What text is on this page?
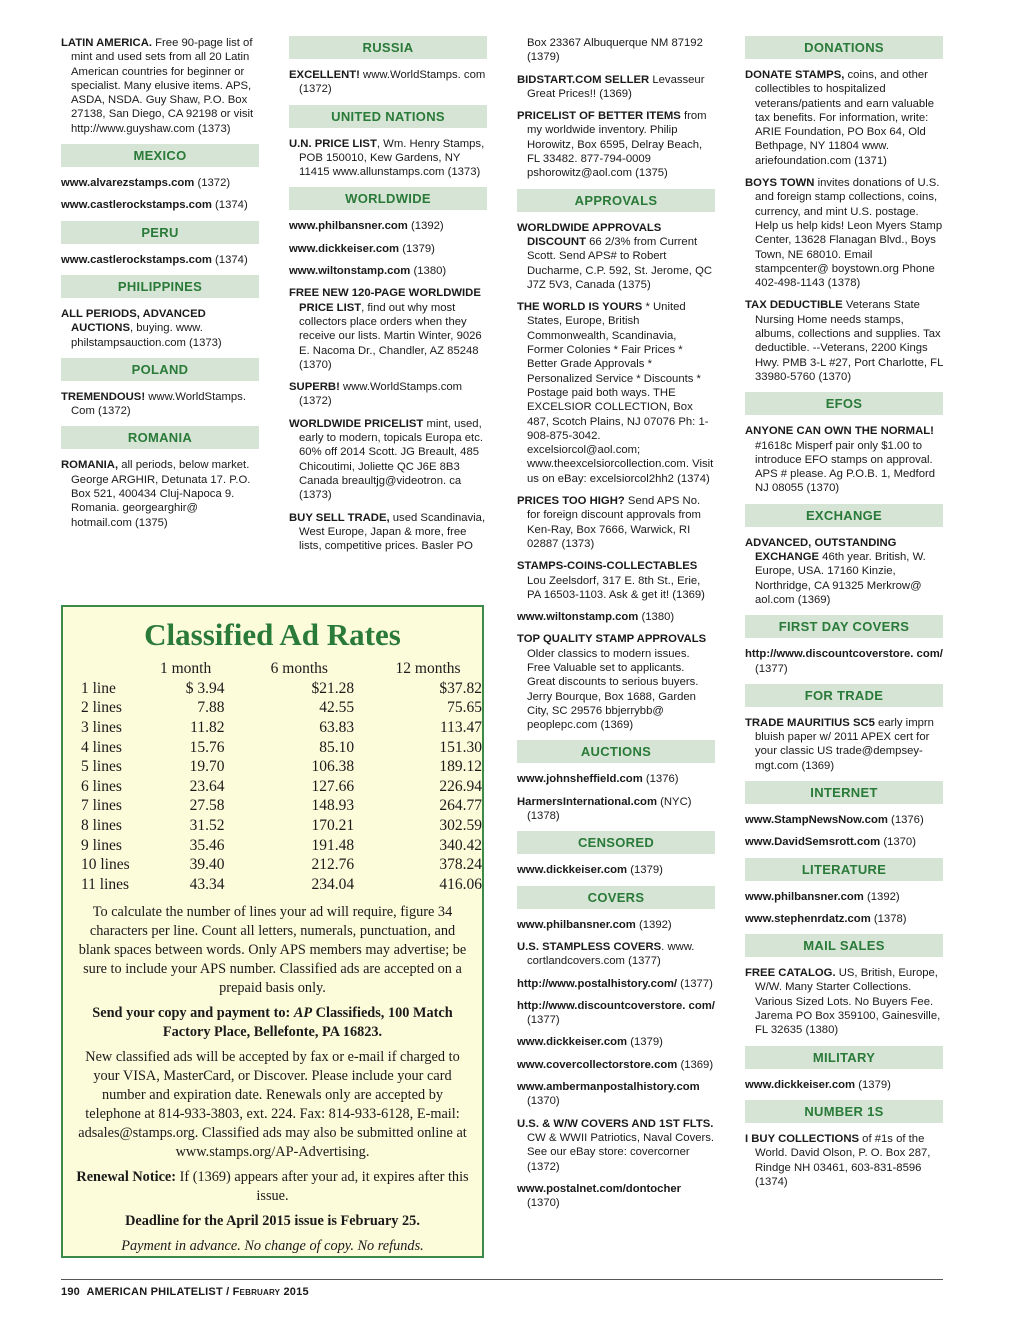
LATIN AMERICA. Free 90-page list of mint and used sets from all 20 Latin American countries for beginner or specialist. Many elusive items. APS, ASDA, NSDA. Guy Shaw, P.O. Box 27138, San Diego, CA 92198 or visit http://www.guyshaw.com (1373)
MEXICO
www.alvarezstamps.com (1372)
www.castlerockstamps.com (1374)
PERU
www.castlerockstamps.com (1374)
PHILIPPINES
ALL PERIODS, ADVANCED AUCTIONS, buying. www. philstampsauction.com (1373)
POLAND
TREMENDOUS! www.WorldStamps. Com (1372)
ROMANIA
ROMANIA, all periods, below market. George ARGHIR, Detunata 17. P.O. Box 521, 400434 Cluj-Napoca 9. Romania. georgearghir@ hotmail.com (1375)
RUSSIA
EXCELLENT! www.WorldStamps. com (1372)
UNITED NATIONS
U.N. PRICE LIST, Wm. Henry Stamps, POB 150010, Kew Gardens, NY 11415 www.allunstamps.com (1373)
WORLDWIDE
www.philbansner.com (1392)
www.dickkeiser.com (1379)
www.wiltonstamp.com (1380)
FREE NEW 120-PAGE WORLDWIDE PRICE LIST, find out why most collectors place orders when they receive our lists. Martin Winter, 9026 E. Nacoma Dr., Chandler, AZ 85248 (1370)
SUPERB! www.WorldStamps.com (1372)
WORLDWIDE PRICELIST mint, used, early to modern, topicals Europa etc. 60% off 2014 Scott. JG Breault, 485 Chicoutimi, Joliette QC J6E 8B3 Canada breaultjg@videotron. ca (1373)
BUY SELL TRADE, used Scandinavia, West Europe, Japan & more, free lists, competitive prices. Basler PO
Box 23367 Albuquerque NM 87192 (1379)
BIDSTART.COM SELLER Levasseur Great Prices!! (1369)
PRICELIST OF BETTER ITEMS from my worldwide inventory. Philip Horowitz, Box 6595, Delray Beach, FL 33482. 877-794-0009 pshorowitz@aol.com (1375)
APPROVALS
WORLDWIDE APPROVALS DISCOUNT 66 2/3% from Current Scott. Send APS# to Robert Ducharme, C.P. 592, St. Jerome, QC J7Z 5V3, Canada (1375)
THE WORLD IS YOURS * United States, Europe, British Commonwealth, Scandinavia, Former Colonies * Fair Prices * Better Grade Approvals * Personalized Service * Discounts * Postage paid both ways. THE EXCELSIOR COLLECTION, Box 487, Scotch Plains, NJ 07076 Ph: 1-908-875-3042. excelsiorcol@aol.com; www.theexcelsiorcollection.com. Visit us on eBay: excelsiorcol2hh2 (1374)
PRICES TOO HIGH? Send APS No. for foreign discount approvals from Ken-Ray, Box 7666, Warwick, RI 02887 (1373)
STAMPS-COINS-COLLECTABLES Lou Zeelsdorf, 317 E. 8th St., Erie, PA 16503-1103. Ask & get it! (1369)
www.wiltonstamp.com (1380)
TOP QUALITY STAMP APPROVALS Older classics to modern issues. Free Valuable set to applicants. Great discounts to serious buyers. Jerry Bourque, Box 1688, Garden City, SC 29576 bbjerrybb@ peoplepc.com (1369)
AUCTIONS
www.johnsheffield.com (1376)
HarmersInternational.com (NYC) (1378)
CENSORED
www.dickkeiser.com (1379)
COVERS
www.philbansner.com (1392)
U.S. STAMPLESS COVERS. www. cortlandcovers.com (1377)
http://www.postalhistory.com/ (1377)
http://www.discountcoverstore. com/ (1377)
www.dickkeiser.com (1379)
www.covercollectorstore.com (1369)
www.ambermanpostalhistory.com (1370)
U.S. & W/W COVERS AND 1ST FLTS. CW & WWII Patriotics, Naval Covers. See our eBay store: covercorner (1372)
www.postalnet.com/dontocher (1370)
DONATIONS
DONATE STAMPS, coins, and other collectibles to hospitalized veterans/patients and earn valuable tax benefits. For information, write: ARIE Foundation, PO Box 64, Old Bethpage, NY 11804 www. ariefoundation.com (1371)
BOYS TOWN invites donations of U.S. and foreign stamp collections, coins, currency, and mint U.S. postage. Help us help kids! Leon Myers Stamp Center, 13628 Flanagan Blvd., Boys Town, NE 68010. Email stampcenter@ boystown.org Phone 402-498-1143 (1378)
TAX DEDUCTIBLE Veterans State Nursing Home needs stamps, albums, collections and supplies. Tax deductible. --Veterans, 2200 Kings Hwy. PMB 3-L #27, Port Charlotte, FL 33980-5760 (1370)
EFOS
ANYONE CAN OWN THE NORMAL! #1618c Misperf pair only $1.00 to introduce EFO stamps on approval. APS # please. Ag P.O.B. 1, Medford NJ 08055 (1370)
EXCHANGE
ADVANCED, OUTSTANDING EXCHANGE 46th year. British, W. Europe, USA. 17160 Kinzie, Northridge, CA 91325 Merkrow@ aol.com (1369)
FIRST DAY COVERS
http://www.discountcoverstore. com/ (1377)
FOR TRADE
TRADE MAURITIUS SC5 early imprn bluish paper w/ 2011 APEX cert for your classic US trade@dempsey-mgt.com (1369)
INTERNET
www.StampNewsNow.com (1376)
www.DavidSemsrott.com (1370)
LITERATURE
www.philbansner.com (1392)
www.stephenrdatz.com (1378)
MAIL SALES
FREE CATALOG. US, British, Europe, W/W. Many Starter Collections. Various Sized Lots. No Buyers Fee. Jarema PO Box 359100, Gainesville, FL 32635 (1380)
MILITARY
www.dickkeiser.com (1379)
NUMBER 1S
I BUY COLLECTIONS of #1s of the World. David Olson, P. O. Box 287, Rindge NH 03461, 603-831-8596 (1374)
Classified Ad Rates
	1 month	6 months	12 months
1 line	$ 3.94	$21.28	$37.82
2 lines	7.88	42.55	75.65
3 lines	11.82	63.83	113.47
4 lines	15.76	85.10	151.30
5 lines	19.70	106.38	189.12
6 lines	23.64	127.66	226.94
7 lines	27.58	148.93	264.77
8 lines	31.52	170.21	302.59
9 lines	35.46	191.48	340.42
10 lines	39.40	212.76	378.24
11 lines	43.34	234.04	416.06

To calculate the number of lines your ad will require, figure 34 characters per line. Count all letters, numerals, punctuation, and blank spaces between words. Only APS members may advertise; be sure to include your APS number. Classified ads are accepted on a prepaid basis only.

Send your copy and payment to: AP Classifieds, 100 Match Factory Place, Bellefonte, PA 16823.

New classified ads will be accepted by fax or e-mail if charged to your VISA, MasterCard, or Discover. Please include your card number and expiration date. Renewals only are accepted by telephone at 814-933-3803, ext. 224. Fax: 814-933-6128, E-mail: adsales@stamps.org. Classified ads may also be submitted online at www.stamps.org/AP-Advertising.

Renewal Notice: If (1369) appears after your ad, it expires after this issue.

Deadline for the April 2015 issue is February 25.

Payment in advance. No change of copy. No refunds.

190 AMERICAN PHILATELIST / February 2015
